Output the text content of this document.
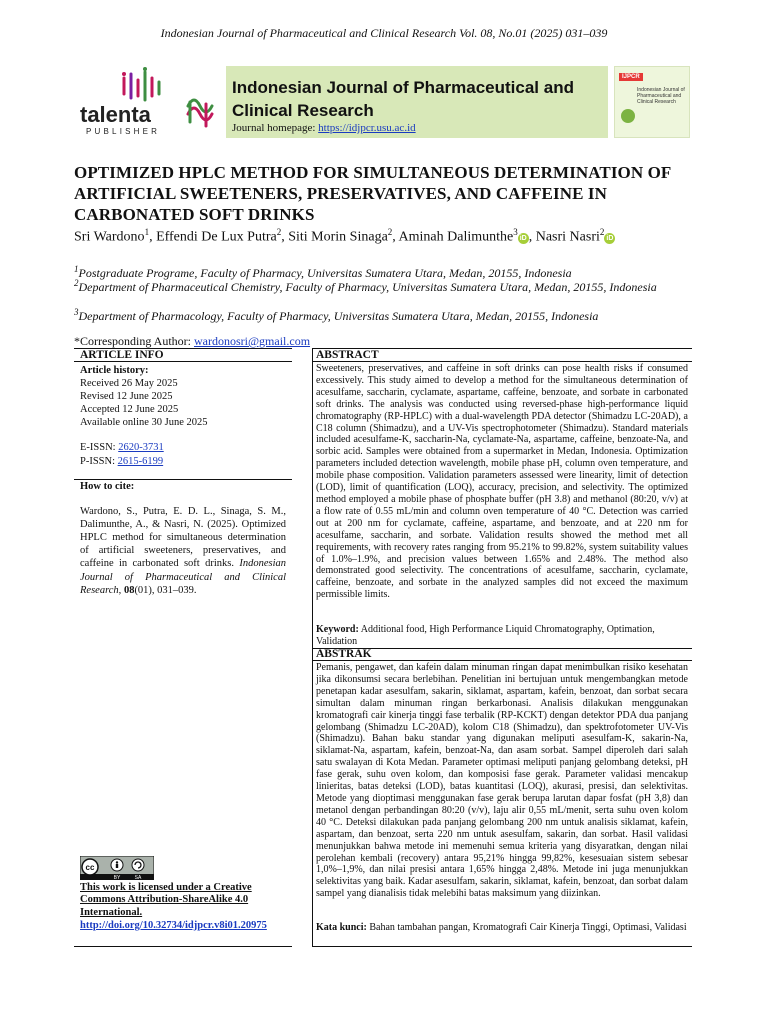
Indonesian Journal of Pharmaceutical and Clinical Research Vol. 08, No.01 (2025) 031–039
talenta
PUBLISHER
Indonesian Journal of Pharmaceutical and Clinical Research
Journal homepage: https://idjpcr.usu.ac.id
IJPCR
Indonesian Journal of
Pharmaceutical and
Clinical Research
OPTIMIZED HPLC METHOD FOR SIMULTANEOUS DETERMINATION OF ARTIFICIAL SWEETENERS, PRESERVATIVES, AND CAFFEINE IN CARBONATED SOFT DRINKS
Sri Wardono$^1$, Effendi De Lux Putra$^2$, Siti Morin Sinaga$^2$, Aminah Dalimunthe$^3$iD , Nasri Nasri$^2$iD
$^1$Postgraduate Programe, Faculty of Pharmacy, Universitas Sumatera Utara, Medan, 20155, Indonesia
$^2$Department of Pharmaceutical Chemistry, Faculty of Pharmacy, Universitas Sumatera Utara, Medan, 20155, Indonesia
$^3$Department of Pharmacology, Faculty of Pharmacy, Universitas Sumatera Utara, Medan, 20155, Indonesia
*Corresponding Author: wardonosri@gmail.com
ARTICLE INFO	ABSTRACT
ABSTRAK
Article history:
Received 26 May 2025
Revised 12 June 2025
Accepted 12 June 2025
Available online 30 June 2025
E-ISSN: 2620-3731
P-ISSN: 2615-6199
How to cite:
Wardono, S., Putra, E. D. L., Sinaga, S. M., Dalimunthe, A., & Nasri, N. (2025). Optimized HPLC method for simultaneous determination of artificial sweeteners, preservatives, and caffeine in carbonated soft drinks. Indonesian Journal of Pharmaceutical and Clinical Research, 08(01), 031–039.
Sweeteners, preservatives, and caffeine in soft drinks can pose health risks if consumed excessively. This study aimed to develop a method for the simultaneous determination of acesulfame, saccharin, cyclamate, aspartame, caffeine, benzoate, and sorbate in carbonated soft drinks. The analysis was conducted using reversed-phase high-performance liquid chromatography (RP-HPLC) with a dual-wavelength PDA detector (Shimadzu LC-20AD), a C18 column (Shimadzu), and a UV-Vis spectrophotometer (Shimadzu). Standard materials included acesulfame-K, saccharin-Na, cyclamate-Na, aspartame, caffeine, benzoate-Na, and sorbic acid. Samples were obtained from a supermarket in Medan, Indonesia. Optimization parameters included detection wavelength, mobile phase pH, column oven temperature, and mobile phase composition. Validation parameters assessed were linearity, limit of detection (LOD), limit of quantification (LOQ), accuracy, precision, and selectivity. The optimized method employed a mobile phase of phosphate buffer (pH 3.8) and methanol (80:20, v/v) at a flow rate of 0.55 mL/min and column oven temperature of 40 °C. Detection was carried out at 200 nm for cyclamate, caffeine, aspartame, and benzoate, and at 220 nm for acesulfame, saccharin, and sorbate. Validation results showed the method met all requirements, with recovery rates ranging from 95.21% to 99.82%, system suitability values of 1.0%–1.9%, and precision values between 1.65% and 2.48%. The method also demonstrated good selectivity. The concentrations of acesulfame, saccharin, cyclamate, caffeine, benzoate, and sorbate in the analyzed samples did not exceed the maximum permissible limits.
Keyword: Additional food, High Performance Liquid Chromatography, Optimation, Validation
Pemanis, pengawet, dan kafein dalam minuman ringan dapat menimbulkan risiko kesehatan jika dikonsumsi secara berlebihan. Penelitian ini bertujuan untuk mengembangkan metode penetapan kadar asesulfam, sakarin, siklamat, aspartam, kafein, benzoat, dan sorbat secara simultan dalam minuman ringan berkarbonasi. Analisis dilakukan menggunakan kromatografi cair kinerja tinggi fase terbalik (RP-KCKT) dengan detektor PDA dua panjang gelombang (Shimadzu LC-20AD), kolom C18 (Shimadzu), dan spektrofotometer UV-Vis (Shimadzu). Bahan baku standar yang digunakan meliputi asesulfam-K, sakarin-Na, siklamat-Na, aspartam, kafein, benzoat-Na, dan asam sorbat. Sampel diperoleh dari salah satu swalayan di Kota Medan. Parameter optimasi meliputi panjang gelombang deteksi, pH fase gerak, suhu oven kolom, dan komposisi fase gerak. Parameter validasi mencakup linieritas, batas deteksi (LOD), batas kuantitasi (LOQ), akurasi, presisi, dan selektivitas. Metode yang dioptimasi menggunakan fase gerak berupa larutan dapar fosfat (pH 3,8) dan metanol dengan perbandingan 80:20 (v/v), laju alir 0,55 mL/menit, serta suhu oven kolom 40 °C. Deteksi dilakukan pada panjang gelombang 200 nm untuk analisis siklamat, kafein, aspartam, dan benzoat, serta 220 nm untuk asesulfam, sakarin, dan sorbat. Hasil validasi menunjukkan bahwa metode ini memenuhi semua kriteria yang disyaratkan, dengan nilai perolehan kembali (recovery) antara 95,21% hingga 99,82%, kesesuaian sistem sebesar 1,0%–1,9%, dan nilai presisi antara 1,65% hingga 2,48%. Metode ini juga menunjukkan selektivitas yang baik. Kadar asesulfam, sakarin, siklamat, kafein, benzoat, dan sorbat dalam sampel yang dianalisis tidak melebihi batas maksimum yang diizinkan.
Kata kunci: Bahan tambahan pangan, Kromatografi Cair Kinerja Tinggi, Optimasi, Validasi
cc
BY	SA
This work is licensed under a Creative Commons Attribution-ShareAlike 4.0 International.
http://doi.org/10.32734/idjpcr.v8i01.20975
